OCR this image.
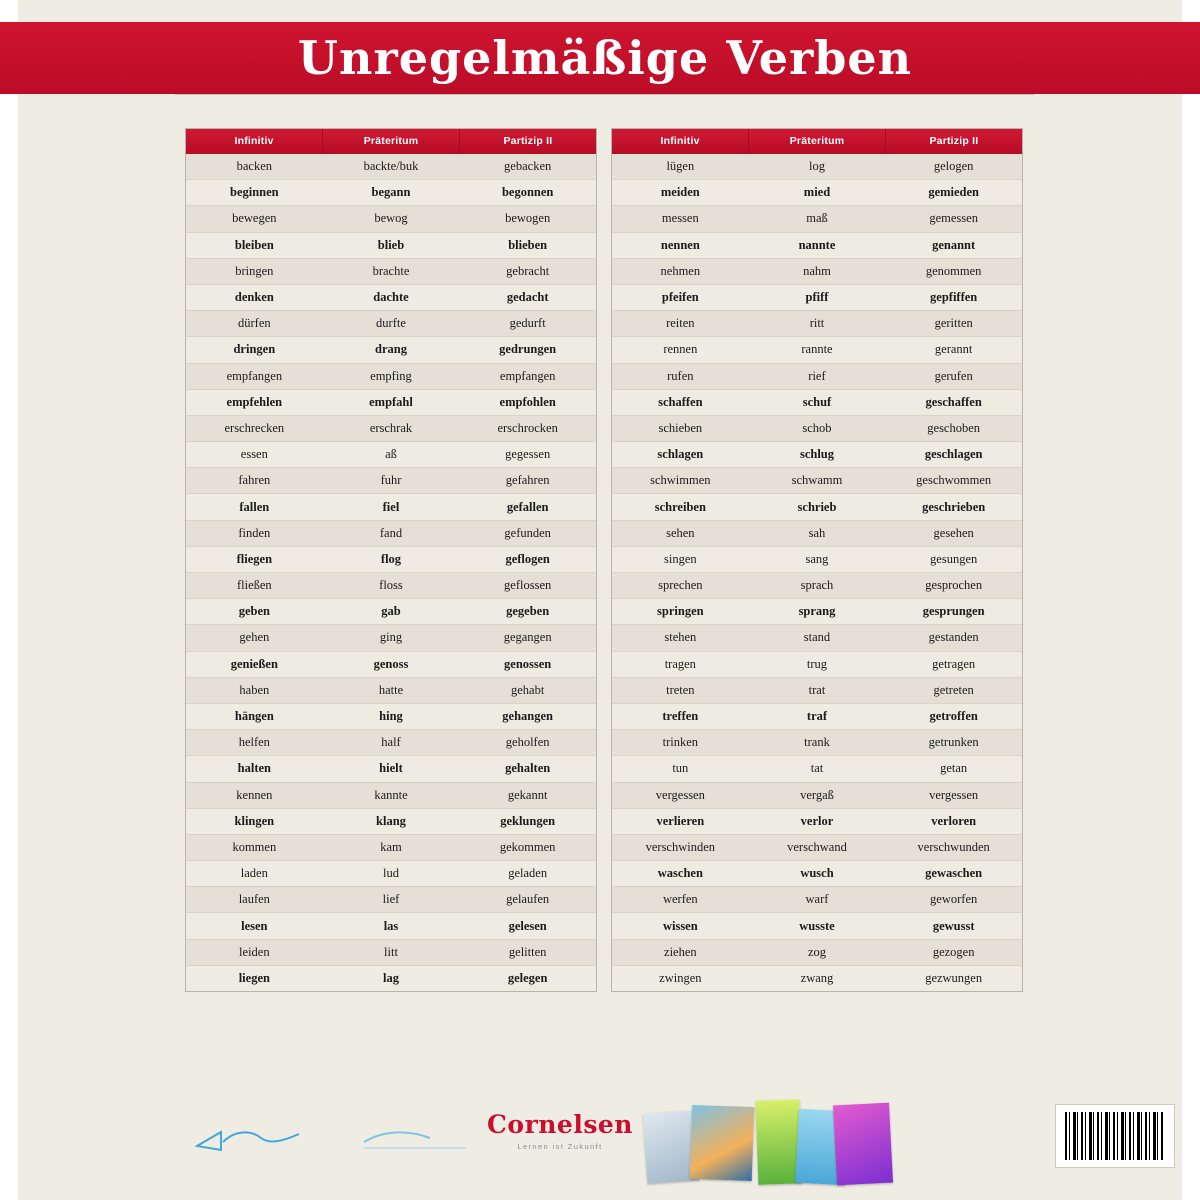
Unregelmäßige Verben
Infinitiv	Präteritum	Partizip II
backen	backte/buk	gebacken
beginnen	begann	begonnen
bewegen	bewog	bewogen
bleiben	blieb	blieben
bringen	brachte	gebracht
denken	dachte	gedacht
dürfen	durfte	gedurft
dringen	drang	gedrungen
empfangen	empfing	empfangen
empfehlen	empfahl	empfohlen
erschrecken	erschrak	erschrocken
essen	aß	gegessen
fahren	fuhr	gefahren
fallen	fiel	gefallen
finden	fand	gefunden
fliegen	flog	geflogen
fließen	floss	geflossen
geben	gab	gegeben
gehen	ging	gegangen
genießen	genoss	genossen
haben	hatte	gehabt
hängen	hing	gehangen
helfen	half	geholfen
halten	hielt	gehalten
kennen	kannte	gekannt
klingen	klang	geklungen
kommen	kam	gekommen
laden	lud	geladen
laufen	lief	gelaufen
lesen	las	gelesen
leiden	litt	gelitten
liegen	lag	gelegen
Infinitiv	Präteritum	Partizip II
lügen	log	gelogen
meiden	mied	gemieden
messen	maß	gemessen
nennen	nannte	genannt
nehmen	nahm	genommen
pfeifen	pfiff	gepfiffen
reiten	ritt	geritten
rennen	rannte	gerannt
rufen	rief	gerufen
schaffen	schuf	geschaffen
schieben	schob	geschoben
schlagen	schlug	geschlagen
schwimmen	schwamm	geschwommen
schreiben	schrieb	geschrieben
sehen	sah	gesehen
singen	sang	gesungen
sprechen	sprach	gesprochen
springen	sprang	gesprungen
stehen	stand	gestanden
tragen	trug	getragen
treten	trat	getreten
treffen	traf	getroffen
trinken	trank	getrunken
tun	tat	getan
vergessen	vergaß	vergessen
verlieren	verlor	verloren
verschwinden	verschwand	verschwunden
waschen	wusch	gewaschen
werfen	warf	geworfen
wissen	wusste	gewusst
ziehen	zog	gezogen
zwingen	zwang	gezwungen
Cornelsen
Lernen ist Zukunft
